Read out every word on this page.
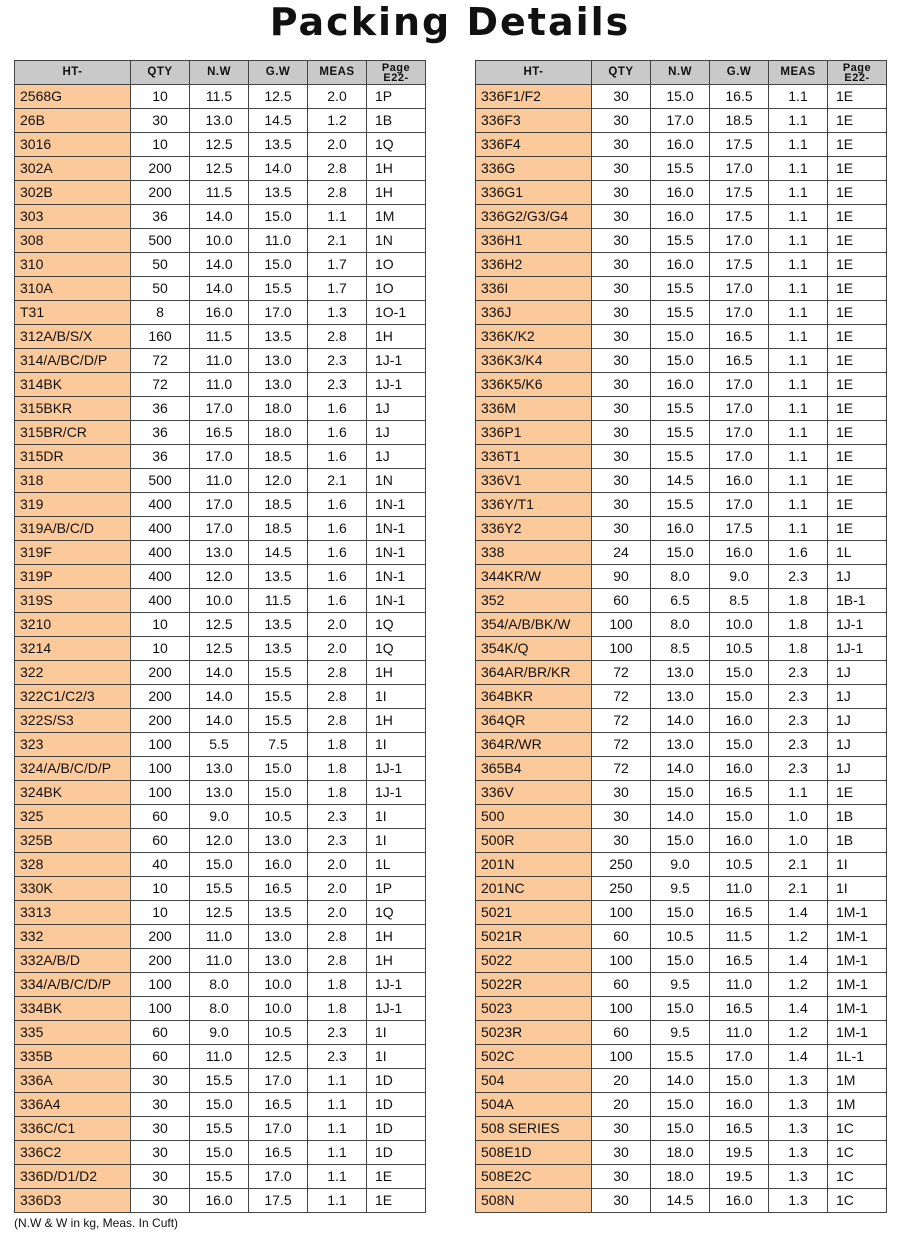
Packing Details
HT-	QTY	N.W	G.W	MEAS	Page
E22-
2568G	10	11.5	12.5	2.0	1P
26B	30	13.0	14.5	1.2	1B
3016	10	12.5	13.5	2.0	1Q
302A	200	12.5	14.0	2.8	1H
302B	200	11.5	13.5	2.8	1H
303	36	14.0	15.0	1.1	1M
308	500	10.0	11.0	2.1	1N
310	50	14.0	15.0	1.7	1O
310A	50	14.0	15.5	1.7	1O
T31	8	16.0	17.0	1.3	1O-1
312A/B/S/X	160	11.5	13.5	2.8	1H
314/A/BC/D/P	72	11.0	13.0	2.3	1J-1
314BK	72	11.0	13.0	2.3	1J-1
315BKR	36	17.0	18.0	1.6	1J
315BR/CR	36	16.5	18.0	1.6	1J
315DR	36	17.0	18.5	1.6	1J
318	500	11.0	12.0	2.1	1N
319	400	17.0	18.5	1.6	1N-1
319A/B/C/D	400	17.0	18.5	1.6	1N-1
319F	400	13.0	14.5	1.6	1N-1
319P	400	12.0	13.5	1.6	1N-1
319S	400	10.0	11.5	1.6	1N-1
3210	10	12.5	13.5	2.0	1Q
3214	10	12.5	13.5	2.0	1Q
322	200	14.0	15.5	2.8	1H
322C1/C2/3	200	14.0	15.5	2.8	1I
322S/S3	200	14.0	15.5	2.8	1H
323	100	5.5	7.5	1.8	1I
324/A/B/C/D/P	100	13.0	15.0	1.8	1J-1
324BK	100	13.0	15.0	1.8	1J-1
325	60	9.0	10.5	2.3	1I
325B	60	12.0	13.0	2.3	1I
328	40	15.0	16.0	2.0	1L
330K	10	15.5	16.5	2.0	1P
3313	10	12.5	13.5	2.0	1Q
332	200	11.0	13.0	2.8	1H
332A/B/D	200	11.0	13.0	2.8	1H
334/A/B/C/D/P	100	8.0	10.0	1.8	1J-1
334BK	100	8.0	10.0	1.8	1J-1
335	60	9.0	10.5	2.3	1I
335B	60	11.0	12.5	2.3	1I
336A	30	15.5	17.0	1.1	1D
336A4	30	15.0	16.5	1.1	1D
336C/C1	30	15.5	17.0	1.1	1D
336C2	30	15.0	16.5	1.1	1D
336D/D1/D2	30	15.5	17.0	1.1	1E
336D3	30	16.0	17.5	1.1	1E
HT-	QTY	N.W	G.W	MEAS	Page
E22-
336F1/F2	30	15.0	16.5	1.1	1E
336F3	30	17.0	18.5	1.1	1E
336F4	30	16.0	17.5	1.1	1E
336G	30	15.5	17.0	1.1	1E
336G1	30	16.0	17.5	1.1	1E
336G2/G3/G4	30	16.0	17.5	1.1	1E
336H1	30	15.5	17.0	1.1	1E
336H2	30	16.0	17.5	1.1	1E
336I	30	15.5	17.0	1.1	1E
336J	30	15.5	17.0	1.1	1E
336K/K2	30	15.0	16.5	1.1	1E
336K3/K4	30	15.0	16.5	1.1	1E
336K5/K6	30	16.0	17.0	1.1	1E
336M	30	15.5	17.0	1.1	1E
336P1	30	15.5	17.0	1.1	1E
336T1	30	15.5	17.0	1.1	1E
336V1	30	14.5	16.0	1.1	1E
336Y/T1	30	15.5	17.0	1.1	1E
336Y2	30	16.0	17.5	1.1	1E
338	24	15.0	16.0	1.6	1L
344KR/W	90	8.0	9.0	2.3	1J
352	60	6.5	8.5	1.8	1B-1
354/A/B/BK/W	100	8.0	10.0	1.8	1J-1
354K/Q	100	8.5	10.5	1.8	1J-1
364AR/BR/KR	72	13.0	15.0	2.3	1J
364BKR	72	13.0	15.0	2.3	1J
364QR	72	14.0	16.0	2.3	1J
364R/WR	72	13.0	15.0	2.3	1J
365B4	72	14.0	16.0	2.3	1J
336V	30	15.0	16.5	1.1	1E
500	30	14.0	15.0	1.0	1B
500R	30	15.0	16.0	1.0	1B
201N	250	9.0	10.5	2.1	1I
201NC	250	9.5	11.0	2.1	1I
5021	100	15.0	16.5	1.4	1M-1
5021R	60	10.5	11.5	1.2	1M-1
5022	100	15.0	16.5	1.4	1M-1
5022R	60	9.5	11.0	1.2	1M-1
5023	100	15.0	16.5	1.4	1M-1
5023R	60	9.5	11.0	1.2	1M-1
502C	100	15.5	17.0	1.4	1L-1
504	20	14.0	15.0	1.3	1M
504A	20	15.0	16.0	1.3	1M
508 SERIES	30	15.0	16.5	1.3	1C
508E1D	30	18.0	19.5	1.3	1C
508E2C	30	18.0	19.5	1.3	1C
508N	30	14.5	16.0	1.3	1C
(N.W & W in kg, Meas. In Cuft)
